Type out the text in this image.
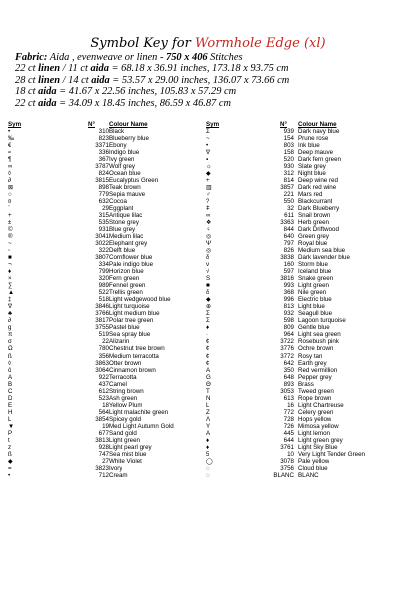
Symbol Key for Wormhole Edge (xl)
Fabric: Aida , evenweave or linen - 750 x 406 Stitches
22 ct linen / 11 ct aida = 68.18 x 36.91 inches, 173.18 x 93.75 cm
28 ct linen / 14 ct aida = 53.57 x 29.00 inches, 136.07 x 73.66 cm
18 ct aida = 41.67 x 22.56 inches, 105.83 x 57.29 cm
22 ct aida = 34.09 x 18.45 inches, 86.59 x 46.87 cm
Sym	N° Colour Name	Sym	N° Colour Name
•	310 Black
‰	823 Blueberry blue
€	3371 Ebony
≈	336 Indigo blue
¶	367 Ivy green
∞	3787 Wolf grey
◊	824 Ocean blue
∂	3815 Eucalyptus Green
⊠	898 Teak brown
○	779 Sepia mauve
¤	632 Cocoa
¨	29 Eggplant
+	315 Antique lilac
±	535 Stone grey
©	931 Blue grey
®	3041 Medium lilac
~	3022 Elephant grey
◦	322 Delft blue
■	3807 Cornflower blue
¬	334 Pale indigo blue
♦	799 Horizon blue
×	320 Fern green
∑	989 Fennel green
▲	522 Trellis green
‡	518 Light wedgewood blue
∇	3846 Light turquoise
♣	3766 Light medium blue
∂	3817 Polar tree green
g	3755 Pastel blue
π	519 Sea spray blue
σ	22 Alizarin
Ω	780 Chestnut tree brown
ß	356 Medium terracotta
◊	3863 Otter brown
ô	3064 Cinnamon brown
A	922 Terracotta
B	437 Camel
C	612 String brown
D	523 Ash green
E	18 Yellow Plum
H	564 Light malachite green
L	3854 Spicey gold
▼	19 Med Light Autumn Gold
P	677 Sand gold
t	3813 Light green
z	928 Light pearl grey
ß	747 Sea mist blue
◆	27 White Violet
=	3823 Ivory
•	712 Cream
Σ	939 Dark navy blue
~	154 Prune rose
•	803 Ink blue
∇	158 Deep mauve
▪	520 Dark fern green
☼	930 Slate grey
◆	312 Night blue
+	814 Deep wine red
▥	3857 Dark red wine
♂	221 Mars red
?	550 Blackcurrant
ǂ	32 Dark Blueberry
∞	611 Snail brown
❖	3363 Herb green
♀	844 Dark Driftwood
◎	640 Green grey
Ψ	797 Royal blue
◎	826 Medium sea blue
δ	3838 Dark lavender blue
ν	160 Storm blue
√	597 Iceland blue
S	3816 Snake green
■	993 Light green
δ	368 Nile green
◆	996 Electric blue
⊕	813 Light blue
Σ	932 Seagull blue
Σ	598 Lagoon turquoise
♦	809 Gentle blue
·	964 Light sea green
¢	3722 Rosebush pink
¢	3776 Ochre brown
¢	3772 Rosy tan
¢	642 Earth grey
A	350 Red vermillion
G	648 Pepper grey
Θ	893 Brass
T	3053 Tweed green
N	613 Rope brown
L	16 Light Chartreuse
Z	772 Celery green
Λ	728 Hops yellow
Y	726 Mimosa yellow
A	445 Light lemon
♦	644 Light green grey
♦	3761 Light Sky Blue
5	10 Very Light Tender Green
◯	3078 Pale yellow
◌	3756 Cloud blue
◌	BLANC BLANC
